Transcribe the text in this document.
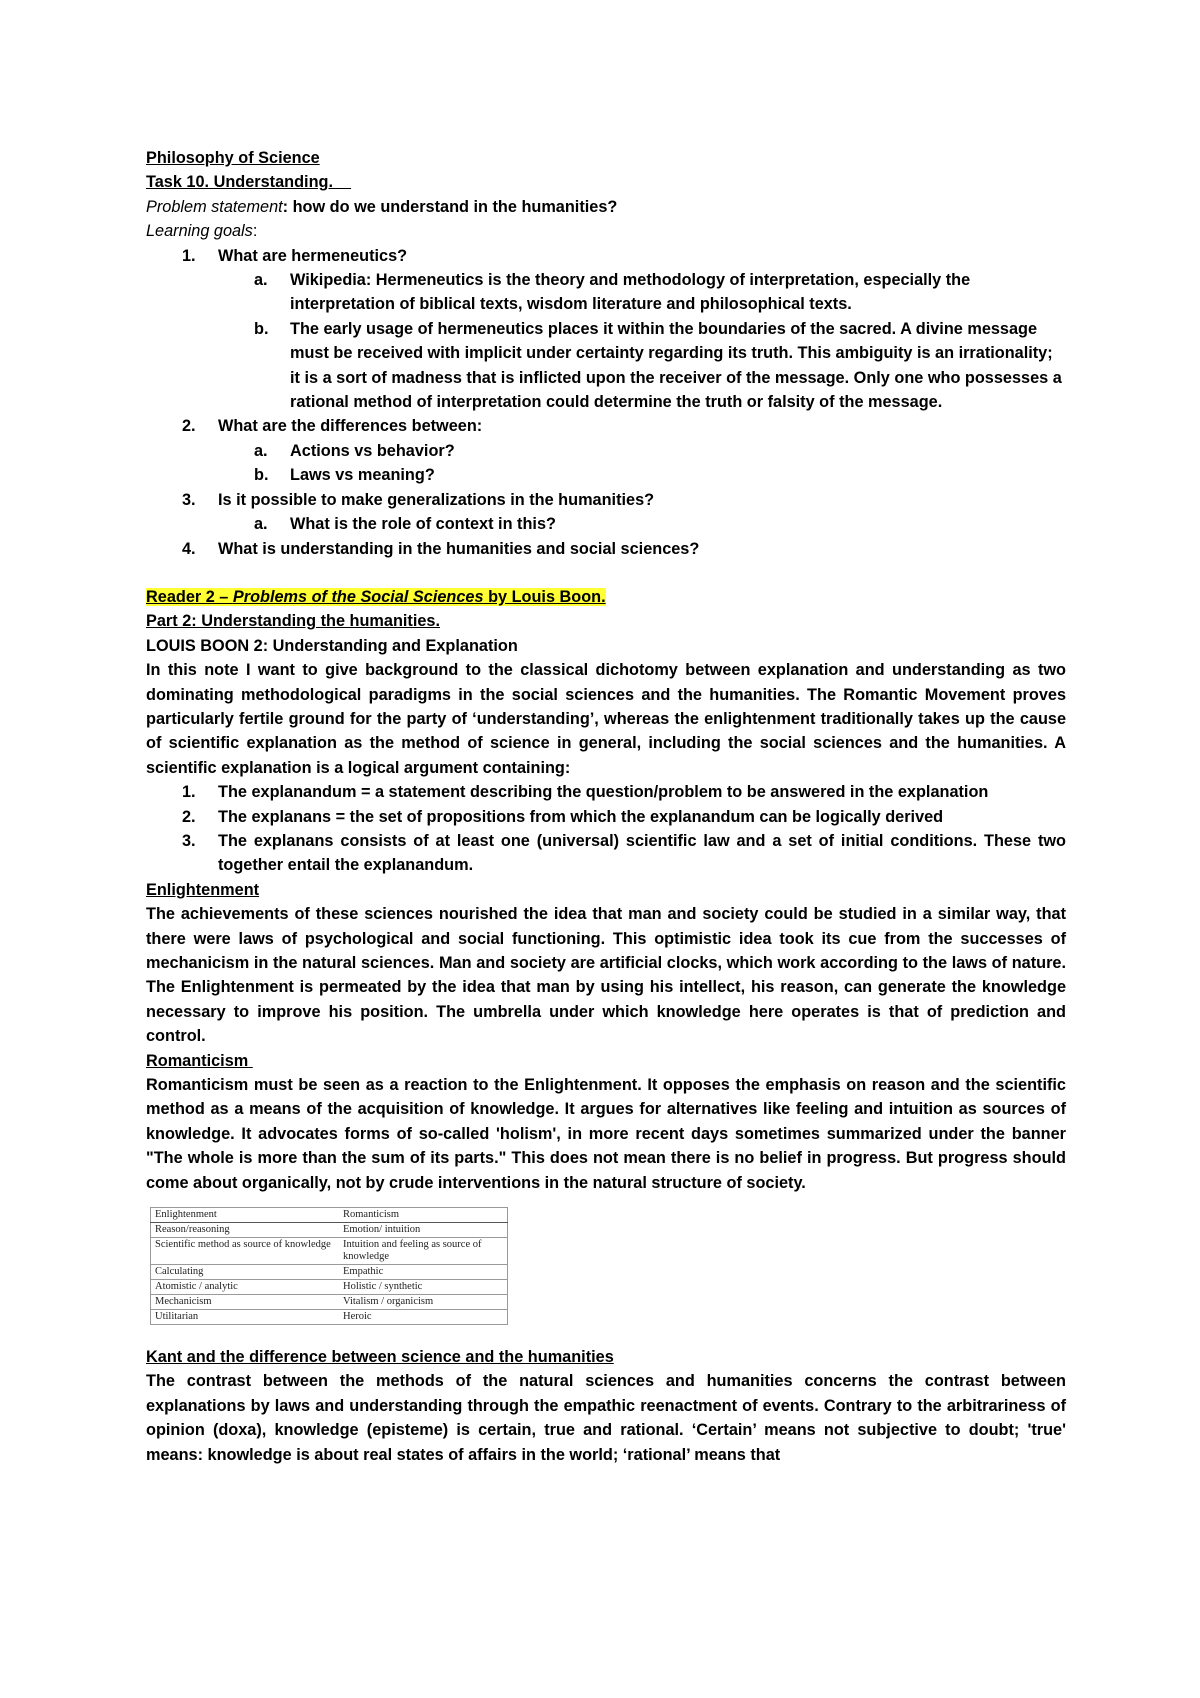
Philosophy of Science
Task 10. Understanding.
Problem statement: how do we understand in the humanities?
Learning goals:
1. What are hermeneutics?
a. Wikipedia: Hermeneutics is the theory and methodology of interpretation, especially the interpretation of biblical texts, wisdom literature and philosophical texts.
b. The early usage of hermeneutics places it within the boundaries of the sacred. A divine message must be received with implicit under certainty regarding its truth. This ambiguity is an irrationality; it is a sort of madness that is inflicted upon the receiver of the message. Only one who possesses a rational method of interpretation could determine the truth or falsity of the message.
2. What are the differences between:
a. Actions vs behavior?
b. Laws vs meaning?
3. Is it possible to make generalizations in the humanities?
a. What is the role of context in this?
4. What is understanding in the humanities and social sciences?
Reader 2 – Problems of the Social Sciences by Louis Boon.
Part 2: Understanding the humanities.
LOUIS BOON 2: Understanding and Explanation

In this note I want to give background to the classical dichotomy between explanation and understanding as two dominating methodological paradigms in the social sciences and the humanities. The Romantic Movement proves particularly fertile ground for the party of ‘understanding’, whereas the enlightenment traditionally takes up the cause of scientific explanation as the method of science in general, including the social sciences and the humanities. A scientific explanation is a logical argument containing:

1. The explanandum = a statement describing the question/problem to be answered in the explanation
2. The explanans = the set of propositions from which the explanandum can be logically derived
3. The explanans consists of at least one (universal) scientific law and a set of initial conditions. These two together entail the explanandum.
Enlightenment

The achievements of these sciences nourished the idea that man and society could be studied in a similar way, that there were laws of psychological and social functioning. This optimistic idea took its cue from the successes of mechanicism in the natural sciences. Man and society are artificial clocks, which work according to the laws of nature. The Enlightenment is permeated by the idea that man by using his intellect, his reason, can generate the knowledge necessary to improve his position. The umbrella under which knowledge here operates is that of prediction and control.

Romanticism

Romanticism must be seen as a reaction to the Enlightenment. It opposes the emphasis on reason and the scientific method as a means of the acquisition of knowledge. It argues for alternatives like feeling and intuition as sources of knowledge. It advocates forms of so-called 'holism', in more recent days sometimes summarized under the banner "The whole is more than the sum of its parts." This does not mean there is no belief in progress. But progress should come about organically, not by crude interventions in the natural structure of society.

Enlightenment	Romanticism
Reason/reasoning	Emotion/ intuition
Scientific method as source of knowledge	Intuition and feeling as source of knowledge
Calculating	Empathic
Atomistic / analytic	Holistic / synthetic
Mechanicism	Vitalism / organicism
Utilitarian	Heroic
Kant and the difference between science and the humanities

The contrast between the methods of the natural sciences and humanities concerns the contrast between explanations by laws and understanding through the empathic reenactment of events. Contrary to the arbitrariness of opinion (doxa), knowledge (episteme) is certain, true and rational. ‘Certain’ means not subjective to doubt; 'true' means: knowledge is about real states of affairs in the world; ‘rational’ means that
